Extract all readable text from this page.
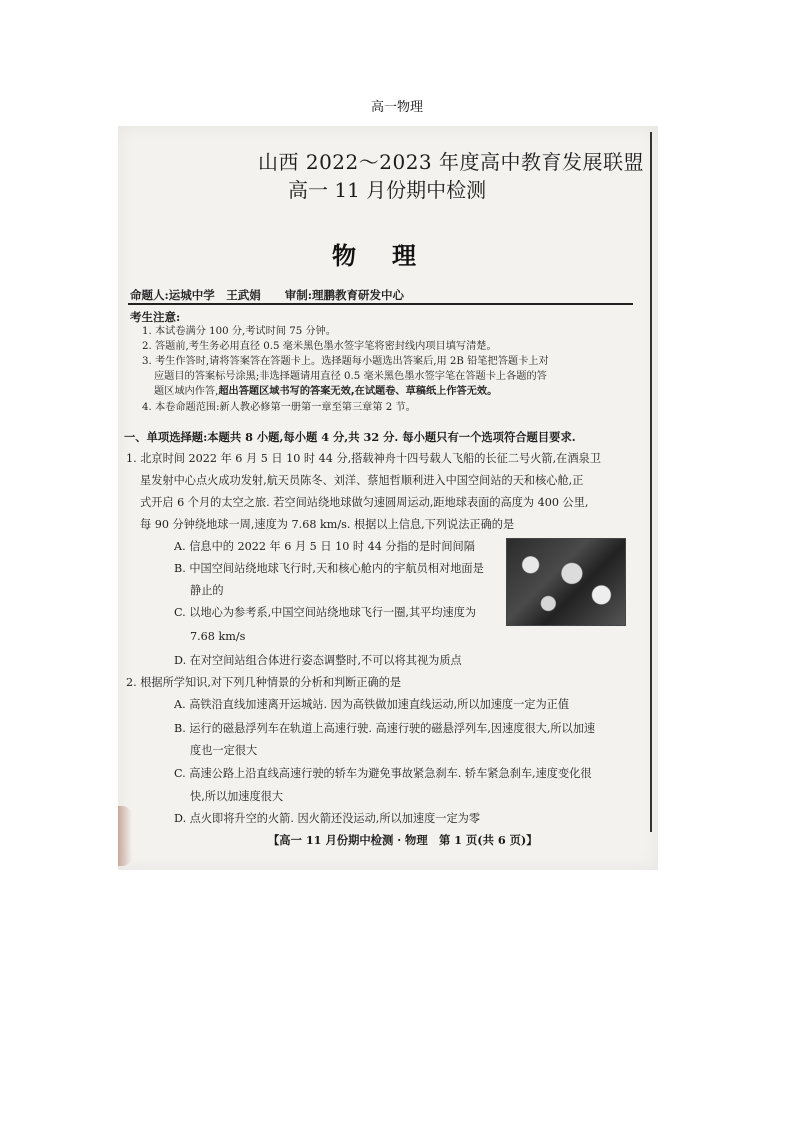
高一物理
山西 2022～2023 年度高中教育发展联盟
高一 11 月份期中检测
物理
命题人:运城中学　王武娟 审制:理鹏教育研发中心
考生注意:
1. 本试卷满分 100 分,考试时间 75 分钟。
2. 答题前,考生务必用直径 0.5 毫米黑色墨水签字笔将密封线内项目填写清楚。
3. 考生作答时,请将答案答在答题卡上。选择题每小题选出答案后,用 2B 铅笔把答题卡上对
应题目的答案标号涂黑;非选择题请用直径 0.5 毫米黑色墨水签字笔在答题卡上各题的答
题区域内作答,超出答题区域书写的答案无效,在试题卷、草稿纸上作答无效。
4. 本卷命题范围:新人教必修第一册第一章至第三章第 2 节。
一、单项选择题:本题共 8 小题,每小题 4 分,共 32 分. 每小题只有一个选项符合题目要求.
1. 北京时间 2022 年 6 月 5 日 10 时 44 分,搭载神舟十四号载人飞船的长征二号火箭,在酒泉卫
星发射中心点火成功发射,航天员陈冬、刘洋、蔡旭哲顺利进入中国空间站的天和核心舱,正
式开启 6 个月的太空之旅. 若空间站绕地球做匀速圆周运动,距地球表面的高度为 400 公里,
每 90 分钟绕地球一周,速度为 7.68 km/s. 根据以上信息,下列说法正确的是
A. 信息中的 2022 年 6 月 5 日 10 时 44 分指的是时间间隔
B. 中国空间站绕地球飞行时,天和核心舱内的宇航员相对地面是
静止的
C. 以地心为参考系,中国空间站绕地球飞行一圈,其平均速度为
7.68 km/s
D. 在对空间站组合体进行姿态调整时,不可以将其视为质点
2. 根据所学知识,对下列几种情景的分析和判断正确的是
A. 高铁沿直线加速离开运城站. 因为高铁做加速直线运动,所以加速度一定为正值
B. 运行的磁悬浮列车在轨道上高速行驶. 高速行驶的磁悬浮列车,因速度很大,所以加速
度也一定很大
C. 高速公路上沿直线高速行驶的轿车为避免事故紧急刹车. 轿车紧急刹车,速度变化很
快,所以加速度很大
D. 点火即将升空的火箭. 因火箭还没运动,所以加速度一定为零
【高一 11 月份期中检测 · 物理　第 1 页(共 6 页)】
